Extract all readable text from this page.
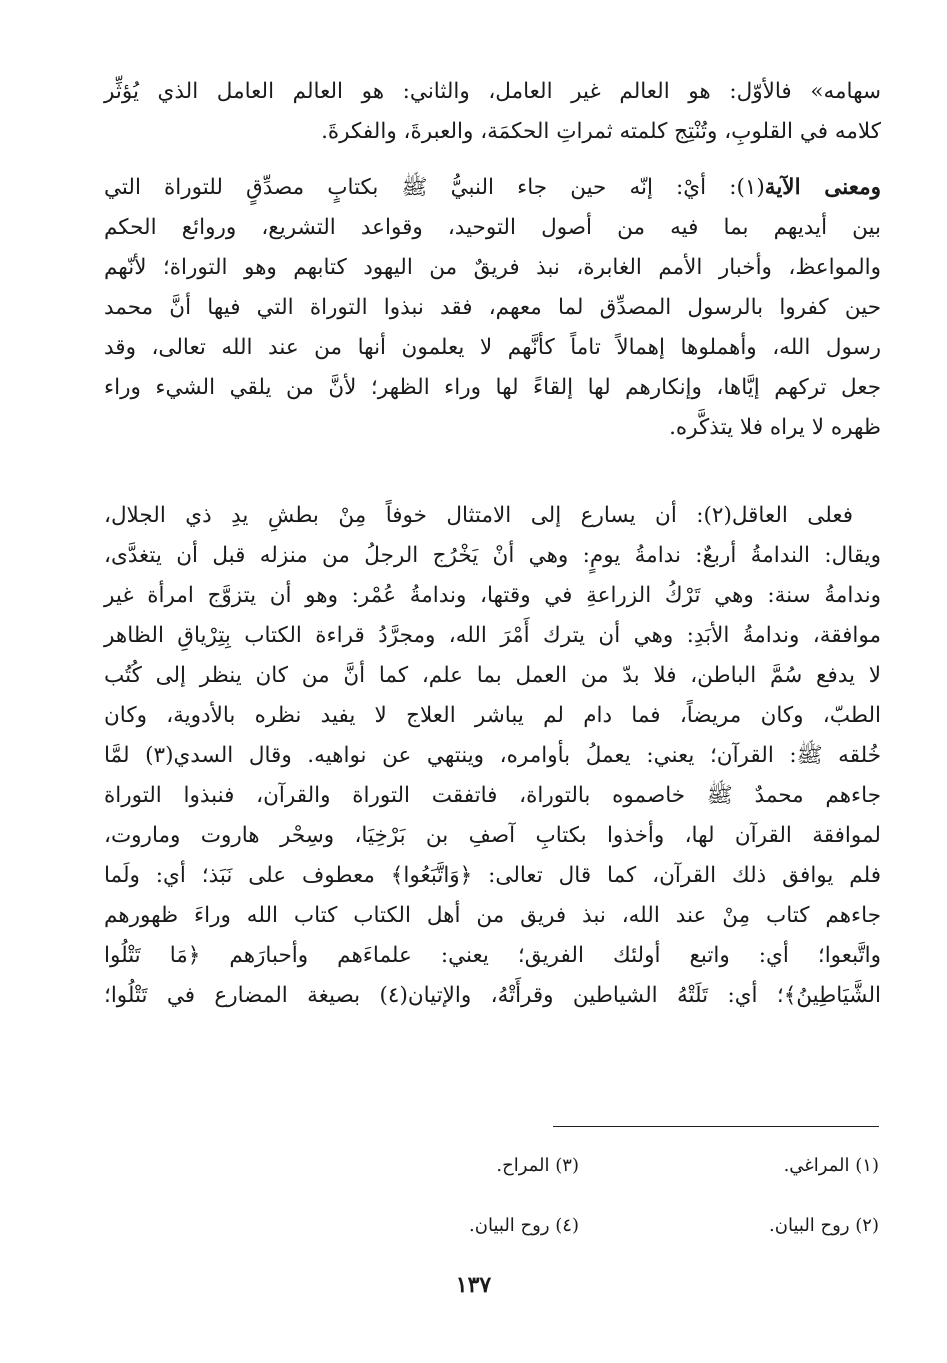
سهامه» فالأوّل: هو العالم غير العامل، والثاني: هو العالم العامل الذي يُؤثِّر
كلامه في القلوبِ، وتُنْتِج كلمته ثمراتِ الحكمَة، والعبرةَ، والفكرةَ.

ومعنى الآية(١): أيْ: إنّه حين جاء النبيُّ ﷺ بكتابٍ مصدِّقٍ للتوراة التي
بين أيديهم بما فيه من أصول التوحيد، وقواعد التشريع، وروائع الحكم
والمواعظ، وأخبار الأمم الغابرة، نبذ فريقٌ من اليهود كتابهم وهو التوراة؛ لأنّهم
حين كفروا بالرسول المصدِّق لما معهم، فقد نبذوا التوراة التي فيها أنَّ محمد
رسول الله، وأهملوها إهمالاً تاماً كأنَّهم لا يعلمون أنها من عند الله تعالى، وقد
جعل تركهم إيَّاها، وإنكارهم لها إلقاءً لها وراء الظهر؛ لأنَّ من يلقي الشيء وراء
ظهره لا يراه فلا يتذكَّره.

فعلى العاقل(٢): أن يسارع إلى الامتثال خوفاً مِنْ بطشِ يدِ ذي الجلال،
ويقال: الندامةُ أربعٌ: ندامةُ يومٍ: وهي أنْ يَخْرُج الرجلُ من منزله قبل أن يتغدَّى،
وندامةُ سنة: وهي تَرْكُ الزراعةِ في وقتها، وندامةُ عُمْر: وهو أن يتزوَّج امرأة غير
موافقة، وندامةُ الأبَدِ: وهي أن يترك أَمْرَ الله، ومجرَّدُ قراءة الكتاب بِتِرْياقِ الظاهر
لا يدفع سُمَّ الباطن، فلا بدّ من العمل بما علم، كما أنَّ من كان ينظر إلى كُتُب
الطبّ، وكان مريضاً، فما دام لم يباشر العلاج لا يفيد نظره بالأدوية، وكان
خُلقه ﷺ: القرآن؛ يعني: يعملُ بأوامره، وينتهي عن نواهيه. وقال السدي(٣) لمَّا
جاءهم محمدٌ ﷺ خاصموه بالتوراة، فاتفقت التوراة والقرآن، فنبذوا التوراة
لموافقة القرآن لها، وأخذوا بكتابِ آصفِ بن بَرْخِيَا، وسِحْر هاروت وماروت،
فلم يوافق ذلك القرآن، كما قال تعالى: ﴿وَاتَّبَعُوا﴾ معطوف على نَبَذ؛ أي: ولَما
جاءهم كتاب مِنْ عند الله، نبذ فريق من أهل الكتاب كتاب الله وراءَ ظهورهم
واتَّبعوا؛ أي: واتبع أولئك الفريق؛ يعني: علماءَهم وأحبارَهم ﴿مَا تَتْلُوا
الشَّيَاطِينُ﴾؛ أي: تَلَتْهُ الشياطين وقرأَتْهُ، والإتيان(٤) بصيغة المضارع في تَتْلُوا؛

(١) المراغي.
(٣) المراح.
(٢) روح البيان.
(٤) روح البيان.
١٣٧
